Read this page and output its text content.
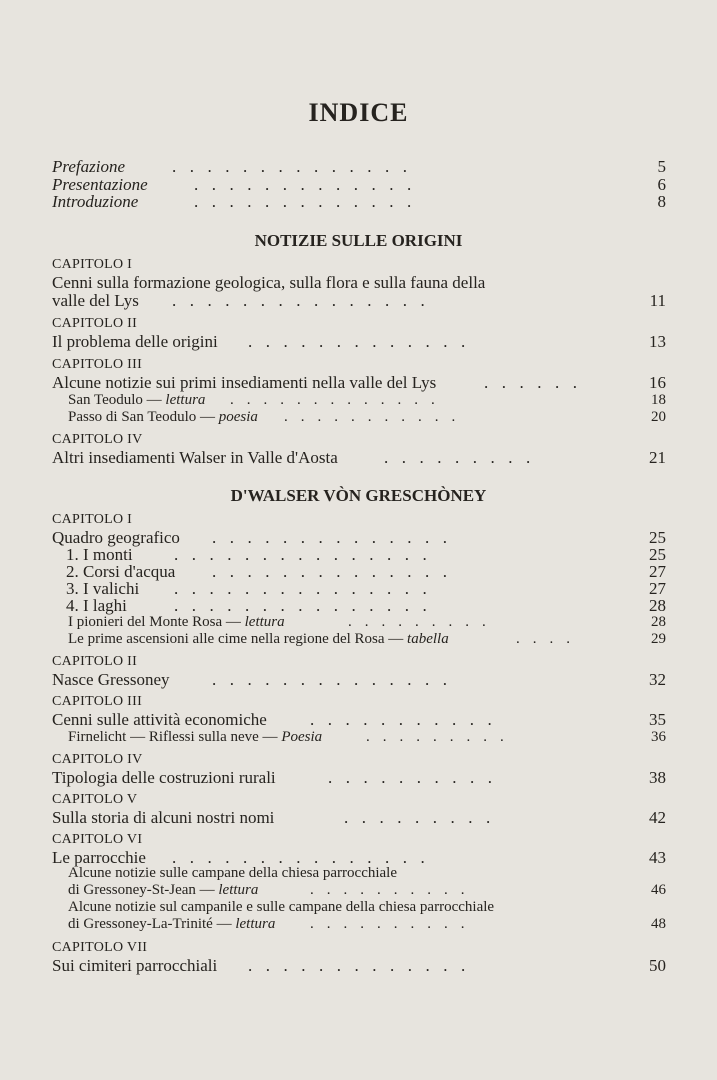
INDICE
Prefazione	..............	5
Presentazione	.............	6
Introduzione	.............	8
NOTIZIE SULLE ORIGINI
CAPITOLO I
Cenni sulla formazione geologica, sulla flora e sulla fauna della
valle del Lys ...............	11
CAPITOLO II
Il problema delle origini .............	13
CAPITOLO III
Alcune notizie sui primi insediamenti nella valle del Lys	......	16
San Teodulo — lettura .............	18
Passo di San Teodulo — poesia ...........	20
CAPITOLO IV
Altri insediamenti Walser in Valle d'Aosta	.........	21
D'WALSER VÒN GRESCHÒNEY
CAPITOLO I
Quadro geografico ..............	25
1. I monti ...............	25
2. Corsi d'acqua ..............	27
3. I valichi ...............	27
4. I laghi	...............	28
I pionieri del Monte Rosa — lettura	.........	28
Le prime ascensioni alle cime nella regione del Rosa — tabella	....	29
CAPITOLO II
Nasce Gressoney ..............	32
CAPITOLO III
Cenni sulle attività economiche	...........	35
Firnelicht — Riflessi sulla neve — Poesia	.........	36
CAPITOLO IV
Tipologia delle costruzioni rurali	..........	38
CAPITOLO V
Sulla storia di alcuni nostri nomi	.........	42
CAPITOLO VI
Le parrocchie ...............	43
Alcune notizie sulle campane della chiesa parrocchiale
di Gressoney-St-Jean — lettura	..........	46
Alcune notizie sul campanile e sulle campane della chiesa parrocchiale
di Gressoney-La-Trinité — lettura ..........	48
CAPITOLO VII
Sui cimiteri parrocchiali .............	50
